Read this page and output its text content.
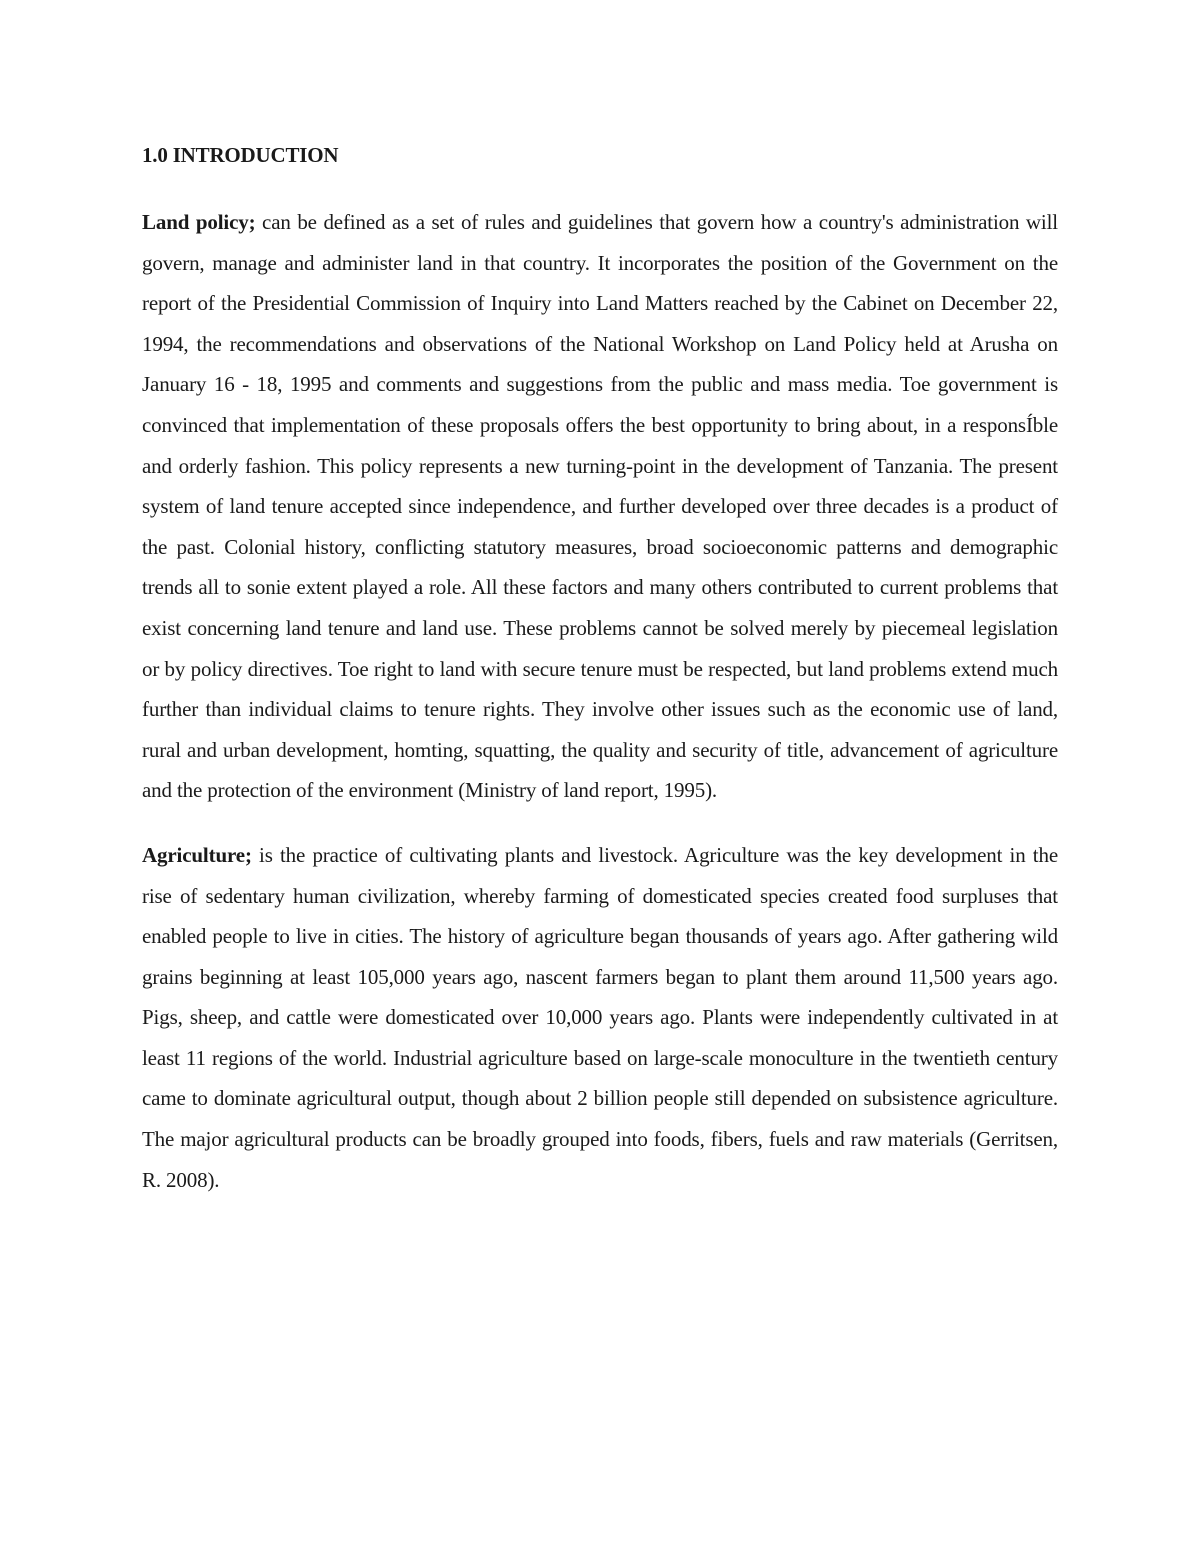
1.0 INTRODUCTION

Land policy; can be defined as a set of rules and guidelines that govern how a country's administration will govern, manage and administer land in that country. It incorporates the position of the Government on the report of the Presidential Commission of Inquiry into Land Matters reached by the Cabinet on December 22, 1994, the recommendations and observations of the National Workshop on Land Policy held at Arusha on January 16 - 18, 1995 and comments and suggestions from the public and mass media. Toe government is convinced that implementation of these proposals offers the best opportunity to bring about, in a responsÍble and orderly fashion. This policy represents a new turning-point in the development of Tanzania. The present system of land tenure accepted since independence, and further developed over three decades is a product of the past. Colonial history, conflicting statutory measures, broad socioeconomic patterns and demographic trends all to sonie extent played a role. All these factors and many others contributed to current problems that exist concerning land tenure and land use. These problems cannot be solved merely by piecemeal legislation or by policy directives. Toe right to land with secure tenure must be respected, but land problems extend much further than individual claims to tenure rights. They involve other issues such as the economic use of land, rural and urban development, homting, squatting, the quality and security of title, advancement of agriculture and the protection of the environment (Ministry of land report, 1995).

Agriculture; is the practice of cultivating plants and livestock. Agriculture was the key development in the rise of sedentary human civilization, whereby farming of domesticated species created food surpluses that enabled people to live in cities. The history of agriculture began thousands of years ago. After gathering wild grains beginning at least 105,000 years ago, nascent farmers began to plant them around 11,500 years ago. Pigs, sheep, and cattle were domesticated over 10,000 years ago. Plants were independently cultivated in at least 11 regions of the world. Industrial agriculture based on large-scale monoculture in the twentieth century came to dominate agricultural output, though about 2 billion people still depended on subsistence agriculture. The major agricultural products can be broadly grouped into foods, fibers, fuels and raw materials (Gerritsen, R. 2008).
